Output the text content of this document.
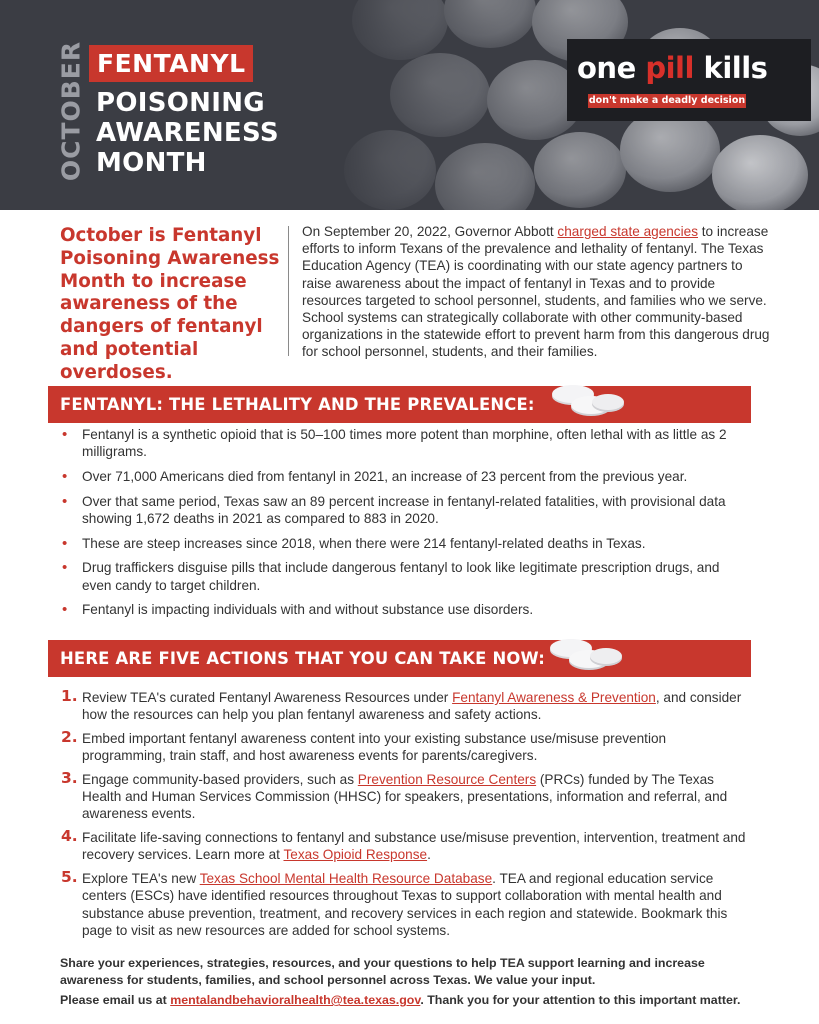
OCTOBER FENTANYL
POISONING
AWARENESS
MONTH
one pill kills
don't make a deadly decision
October is Fentanyl Poisoning Awareness Month to increase awareness of the dangers of fentanyl and potential overdoses.
On September 20, 2022, Governor Abbott charged state agencies to increase efforts to inform Texans of the prevalence and lethality of fentanyl. The Texas Education Agency (TEA) is coordinating with our state agency partners to raise awareness about the impact of fentanyl in Texas and to provide resources targeted to school personnel, students, and families who we serve. School systems can strategically collaborate with other community-based organizations in the statewide effort to prevent harm from this dangerous drug for school personnel, students, and their families.
FENTANYL: THE LETHALITY AND THE PREVALENCE:
• Fentanyl is a synthetic opioid that is 50–100 times more potent than morphine, often lethal with as little as 2 milligrams.
• Over 71,000 Americans died from fentanyl in 2021, an increase of 23 percent from the previous year.
• Over that same period, Texas saw an 89 percent increase in fentanyl-related fatalities, with provisional data showing 1,672 deaths in 2021 as compared to 883 in 2020.
• These are steep increases since 2018, when there were 214 fentanyl-related deaths in Texas.
• Drug traffickers disguise pills that include dangerous fentanyl to look like legitimate prescription drugs, and even candy to target children.
• Fentanyl is impacting individuals with and without substance use disorders.
HERE ARE FIVE ACTIONS THAT YOU CAN TAKE NOW:
1. Review TEA's curated Fentanyl Awareness Resources under Fentanyl Awareness & Prevention, and consider how the resources can help you plan fentanyl awareness and safety actions.
2. Embed important fentanyl awareness content into your existing substance use/misuse prevention programming, train staff, and host awareness events for parents/caregivers.
3. Engage community-based providers, such as Prevention Resource Centers (PRCs) funded by The Texas Health and Human Services Commission (HHSC) for speakers, presentations, information and referral, and awareness events.
4. Facilitate life-saving connections to fentanyl and substance use/misuse prevention, intervention, treatment and recovery services. Learn more at Texas Opioid Response.
5. Explore TEA's new Texas School Mental Health Resource Database. TEA and regional education service centers (ESCs) have identified resources throughout Texas to support collaboration with mental health and substance abuse prevention, treatment, and recovery services in each region and statewide. Bookmark this page to visit as new resources are added for school systems.

Share your experiences, strategies, resources, and your questions to help TEA support learning and increase awareness for students, families, and school personnel across Texas. We value your input.

Please email us at mentalandbehavioralhealth@tea.texas.gov. Thank you for your attention to this important matter.
